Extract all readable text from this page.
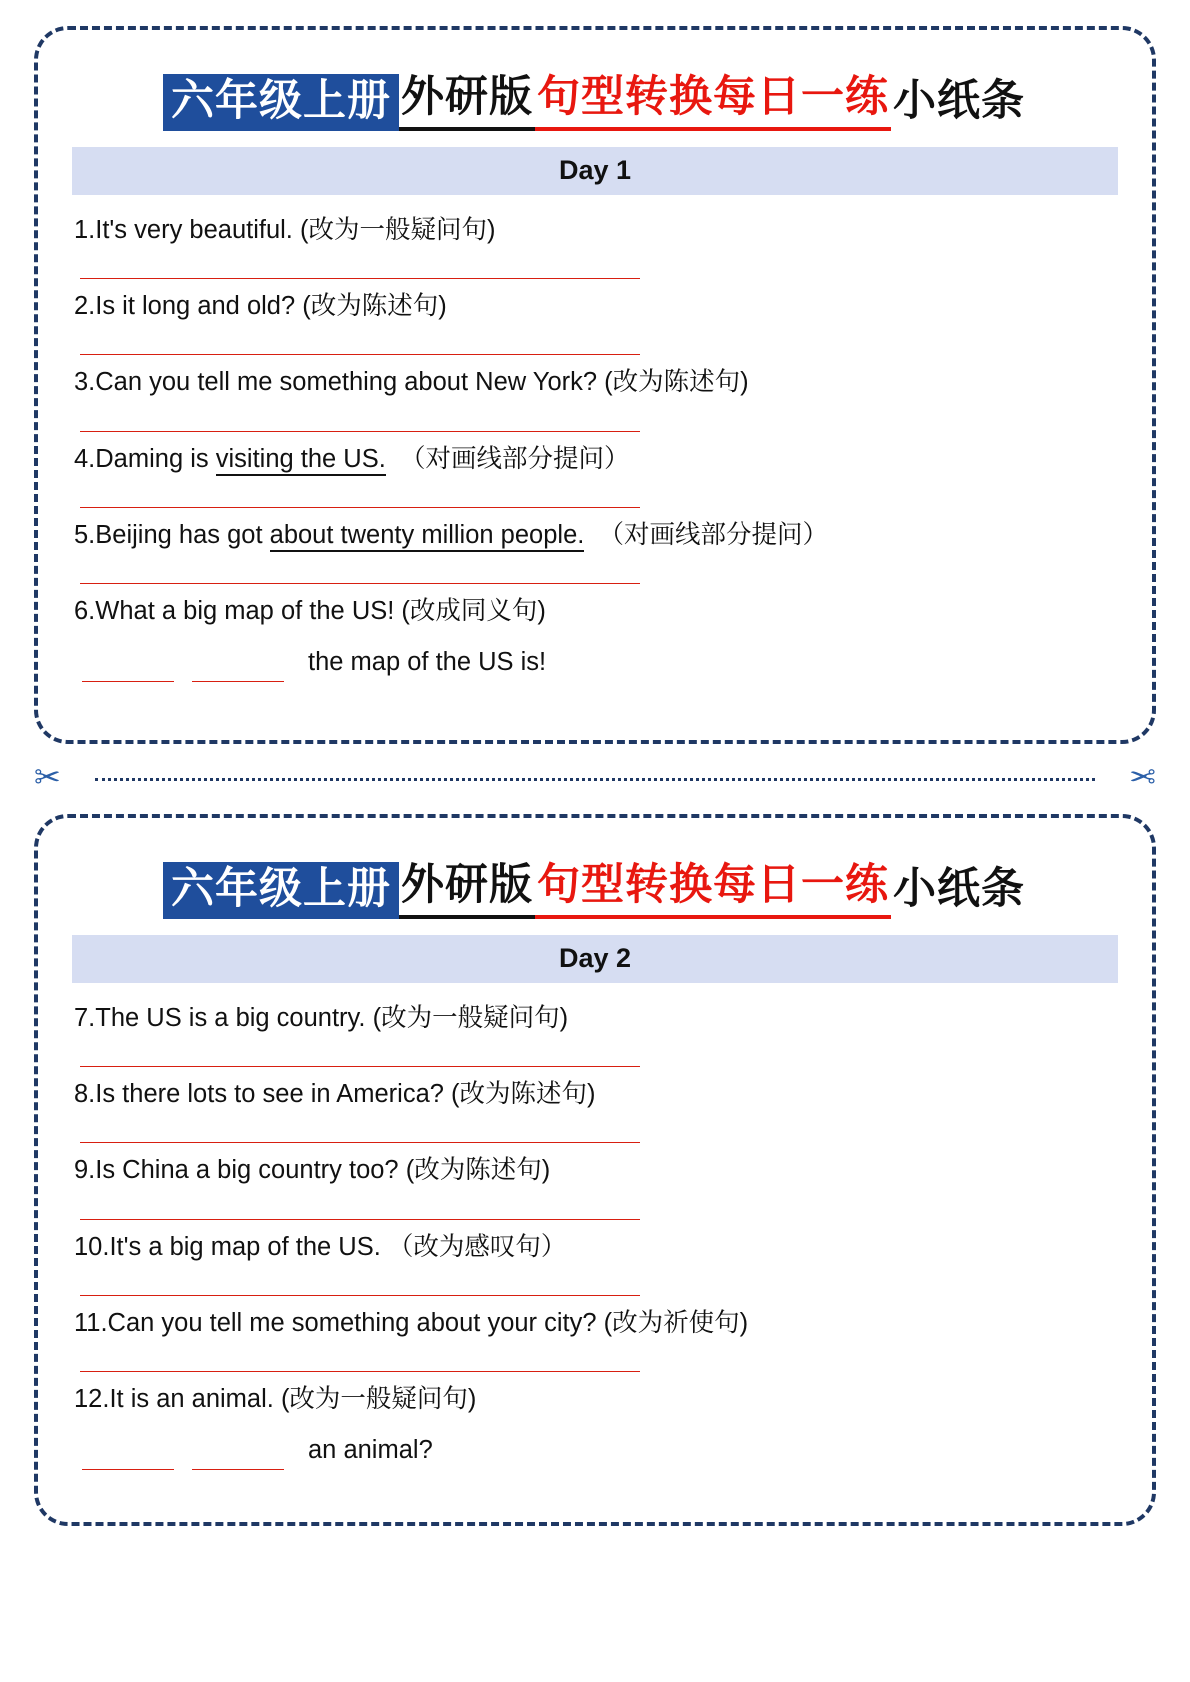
六年级上册 外研版 句型转换每日一练 小纸条
Day 1
1.It's very beautiful. (改为一般疑问句)
2.Is it long and old? (改为陈述句)
3.Can you tell me something about New York? (改为陈述句)
4.Daming is visiting the US.  （对画线部分提问）
5.Beijing has got about twenty million people.  （对画线部分提问）
6.What a big map of the US! (改成同义句)
the map of the US is!
✂	✂
六年级上册 外研版 句型转换每日一练 小纸条
Day 2
7.The US is a big country. (改为一般疑问句)
8.Is there lots to see in America? (改为陈述句)
9.Is China a big country too? (改为陈述句)
10.It's a big map of the US. （改为感叹句）
11.Can you tell me something about your city? (改为祈使句)
12.It is an animal. (改为一般疑问句)
an animal?
